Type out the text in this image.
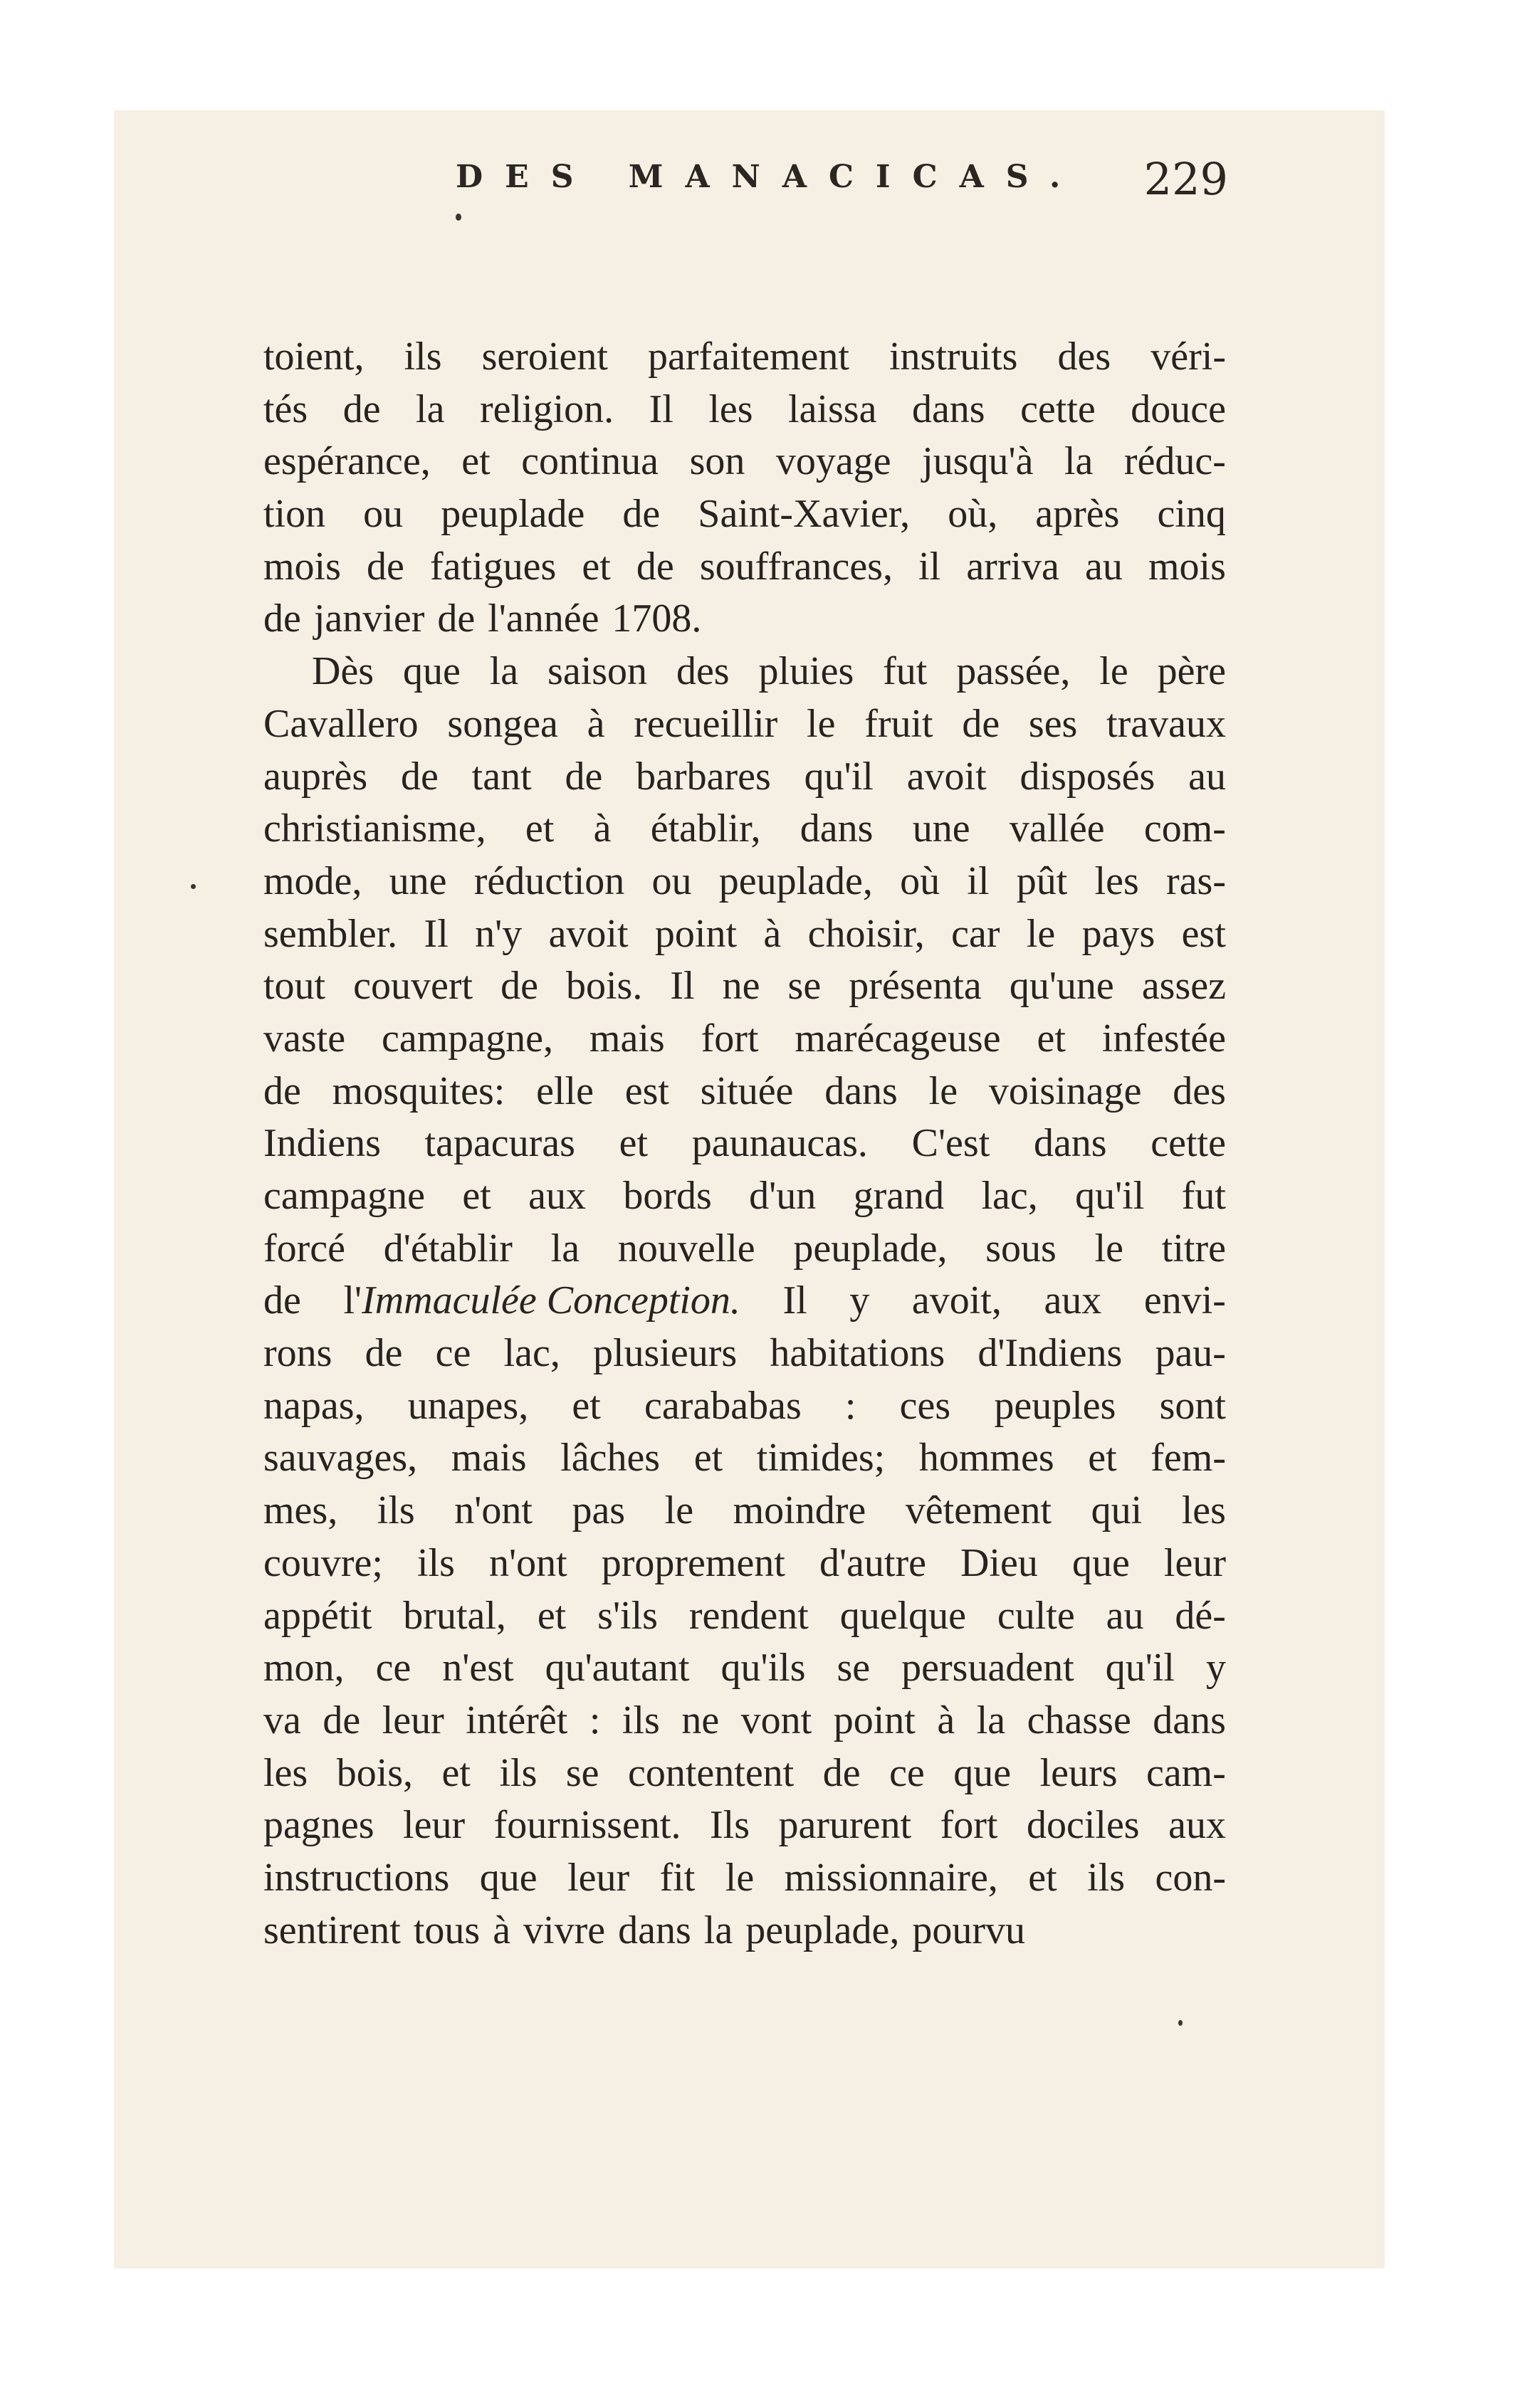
DES MANACICAS. 229
toient, ils seroient parfaitement instruits des véri-
tés de la religion. Il les laissa dans cette douce
espérance, et continua son voyage jusqu'à la réduc-
tion ou peuplade de Saint-Xavier, où, après cinq
mois de fatigues et de souffrances, il arriva au mois
de janvier de l'année 1708.
Dès que la saison des pluies fut passée, le père
Cavallero songea à recueillir le fruit de ses travaux
auprès de tant de barbares qu'il avoit disposés au
christianisme, et à établir, dans une vallée com-
mode, une réduction ou peuplade, où il pût les ras-
sembler. Il n'y avoit point à choisir, car le pays est
tout couvert de bois. Il ne se présenta qu'une assez
vaste campagne, mais fort marécageuse et infestée
de mosquites: elle est située dans le voisinage des
Indiens tapacuras et paunaucas. C'est dans cette
campagne et aux bords d'un grand lac, qu'il fut
forcé d'établir la nouvelle peuplade, sous le titre
de l'Immaculée Conception. Il y avoit, aux envi-
rons de ce lac, plusieurs habitations d'Indiens pau-
napas, unapes, et carababas : ces peuples sont
sauvages, mais lâches et timides; hommes et fem-
mes, ils n'ont pas le moindre vêtement qui les
couvre; ils n'ont proprement d'autre Dieu que leur
appétit brutal, et s'ils rendent quelque culte au dé-
mon, ce n'est qu'autant qu'ils se persuadent qu'il y
va de leur intérêt : ils ne vont point à la chasse dans
les bois, et ils se contentent de ce que leurs cam-
pagnes leur fournissent. Ils parurent fort dociles aux
instructions que leur fit le missionnaire, et ils con-
sentirent tous à vivre dans la peuplade, pourvu
